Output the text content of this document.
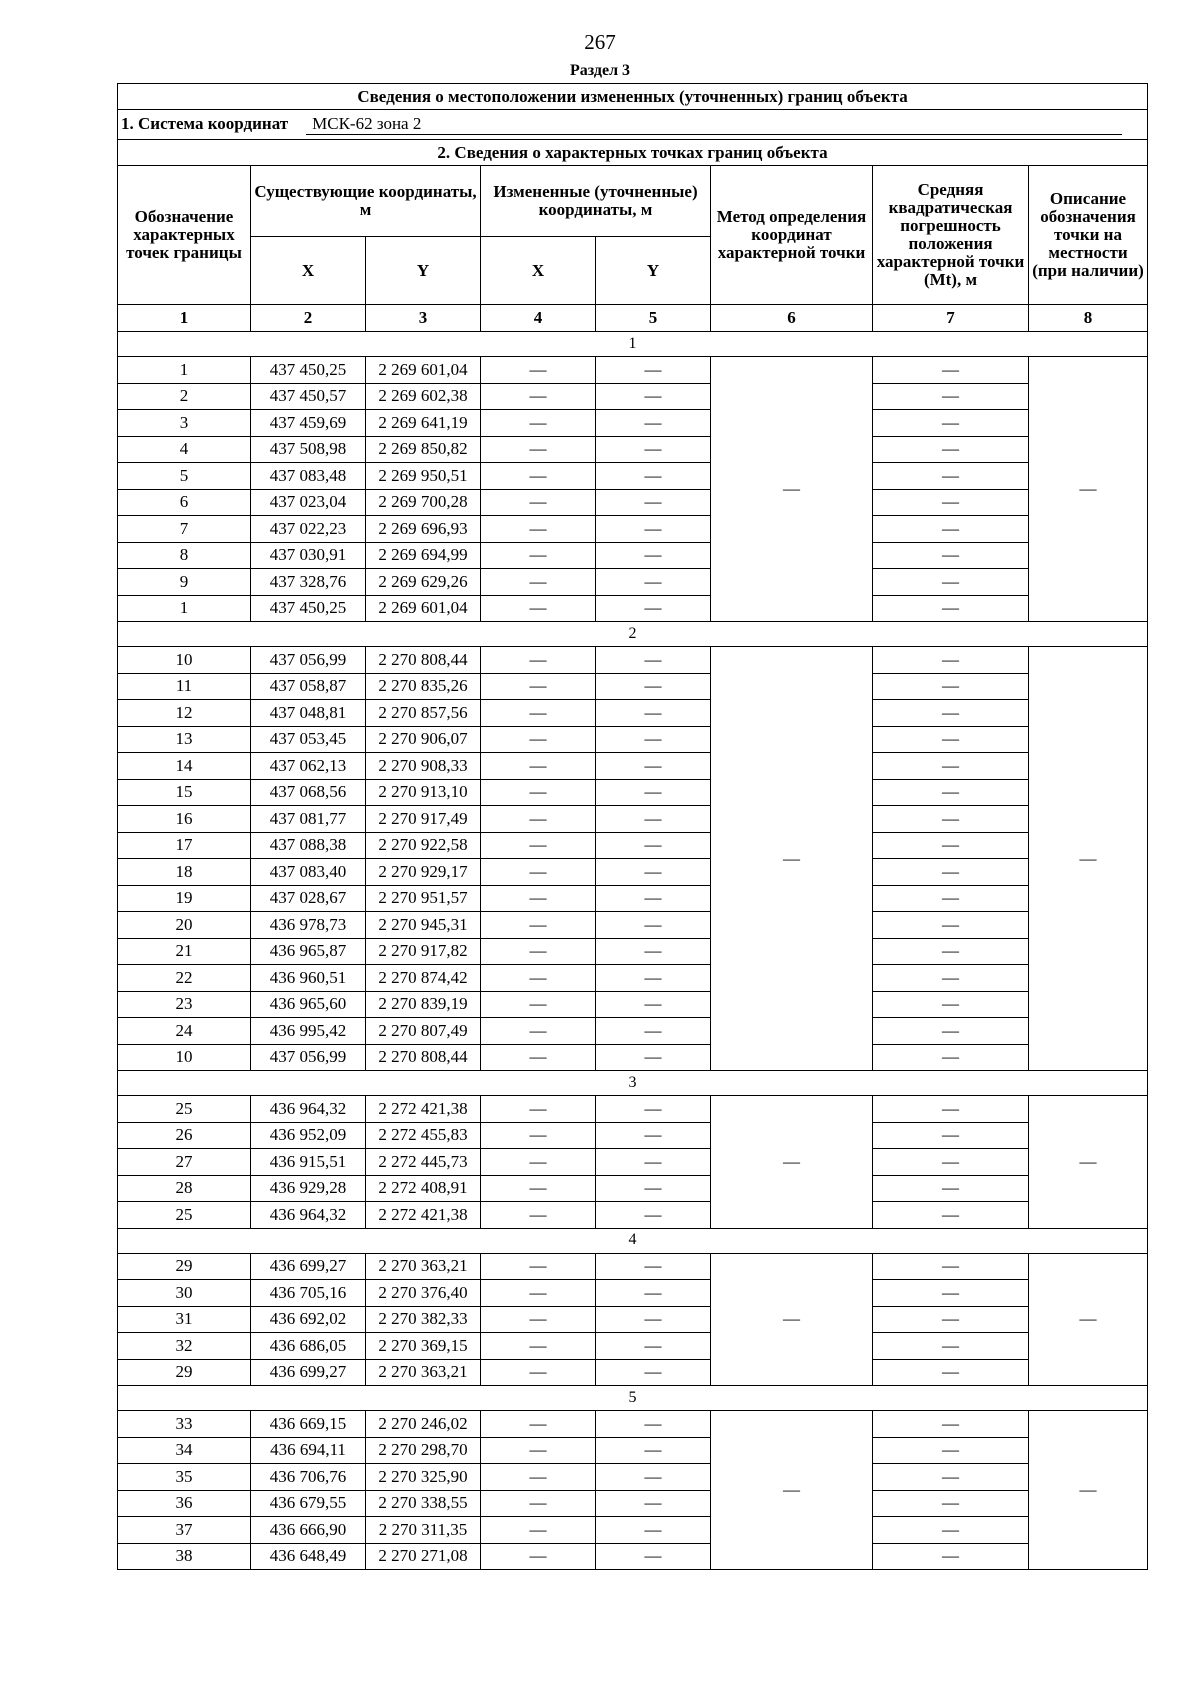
267
Раздел 3
Сведения о местоположении измененных (уточненных) границ объекта							
1. Система координат МСК-62 зона 2							
2. Сведения о характерных точках границ объекта							
Обозначение характерных точек границы	Существующие координаты, м		Измененные (уточненные) координаты, м		Метод определения координат характерной точки	Средняя квадратическая погрешность положения характерной точки (Mt), м	Описание обозначения точки на местности (при наличии)
	X	Y	X	Y			
1	2	3	4	5	6	7	8
1							
1	437 450,25	2 269 601,04	—	—	—	—	—
2	437 450,57	2 269 602,38	—	—		—	
3	437 459,69	2 269 641,19	—	—		—	
4	437 508,98	2 269 850,82	—	—		—	
5	437 083,48	2 269 950,51	—	—		—	
6	437 023,04	2 269 700,28	—	—		—	
7	437 022,23	2 269 696,93	—	—		—	
8	437 030,91	2 269 694,99	—	—		—	
9	437 328,76	2 269 629,26	—	—		—	
1	437 450,25	2 269 601,04	—	—		—	
2							
10	437 056,99	2 270 808,44	—	—	—	—	—
11	437 058,87	2 270 835,26	—	—		—	
12	437 048,81	2 270 857,56	—	—		—	
13	437 053,45	2 270 906,07	—	—		—	
14	437 062,13	2 270 908,33	—	—		—	
15	437 068,56	2 270 913,10	—	—		—	
16	437 081,77	2 270 917,49	—	—		—	
17	437 088,38	2 270 922,58	—	—		—	
18	437 083,40	2 270 929,17	—	—		—	
19	437 028,67	2 270 951,57	—	—		—	
20	436 978,73	2 270 945,31	—	—		—	
21	436 965,87	2 270 917,82	—	—		—	
22	436 960,51	2 270 874,42	—	—		—	
23	436 965,60	2 270 839,19	—	—		—	
24	436 995,42	2 270 807,49	—	—		—	
10	437 056,99	2 270 808,44	—	—		—	
3							
25	436 964,32	2 272 421,38	—	—	—	—	—
26	436 952,09	2 272 455,83	—	—		—	
27	436 915,51	2 272 445,73	—	—		—	
28	436 929,28	2 272 408,91	—	—		—	
25	436 964,32	2 272 421,38	—	—		—	
4							
29	436 699,27	2 270 363,21	—	—	—	—	—
30	436 705,16	2 270 376,40	—	—		—	
31	436 692,02	2 270 382,33	—	—		—	
32	436 686,05	2 270 369,15	—	—		—	
29	436 699,27	2 270 363,21	—	—		—	
5							
33	436 669,15	2 270 246,02	—	—	—	—	—
34	436 694,11	2 270 298,70	—	—		—	
35	436 706,76	2 270 325,90	—	—		—	
36	436 679,55	2 270 338,55	—	—		—	
37	436 666,90	2 270 311,35	—	—		—	
38	436 648,49	2 270 271,08	—	—		—	
